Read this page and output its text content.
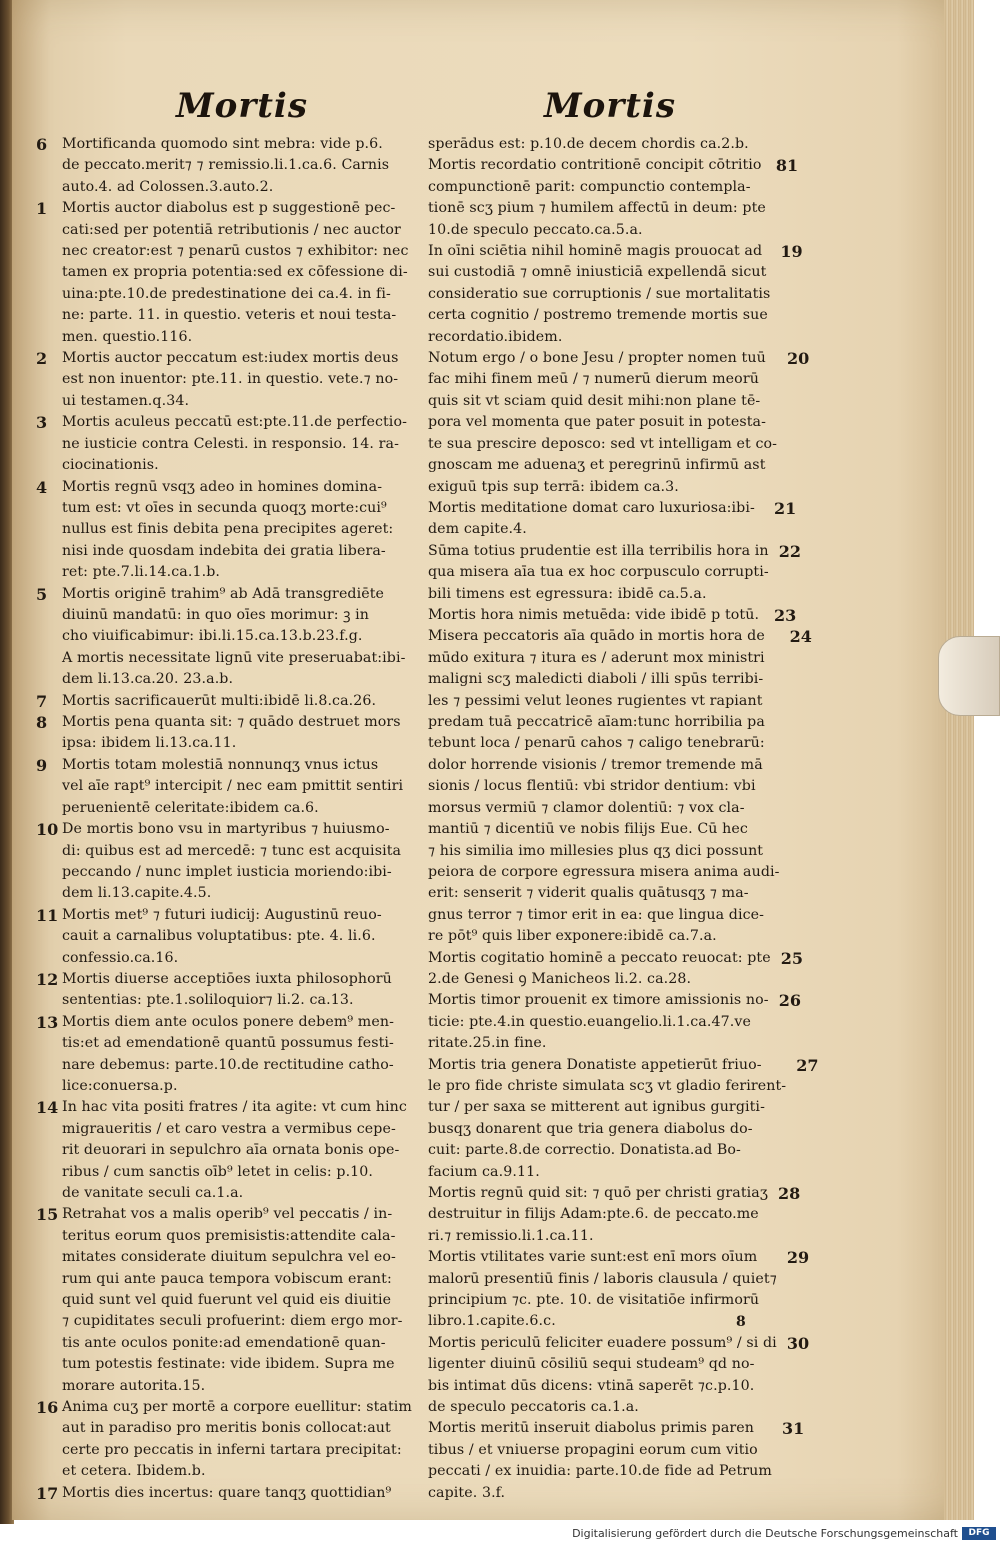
Mortis	Mortis
6	Mortificanda quomodo sint mebra: vide p.6.
de peccato.merit⁊ ⁊ remissio.li.1.ca.6. Carnis
auto.4. ad Colossen.3.auto.2.
1	Mortis auctor diabolus est p suggestionē pec-
cati:sed per potentiā retributionis / nec auctor
nec creator:est ⁊ penarū custos ⁊ exhibitor: nec
tamen ex propria potentia:sed ex cōfessione di-
uina:pte.10.de predestinatione dei ca.4. in fi-
ne: parte. 11. in questio. veteris et noui testa-
men. questio.116.
2	Mortis auctor peccatum est:iudex mortis deus
est non inuentor: pte.11. in questio. vete.⁊ no-
ui testamen.q.34.
3	Mortis aculeus peccatū est:pte.11.de perfectio-
ne iusticie contra Celesti. in responsio. 14. ra-
ciocinationis.
4	Mortis regnū vsqʒ adeo in homines domina-
tum est: vt oīes in secunda quoqʒ morte:cui⁹
nullus est finis debita pena precipites ageret:
nisi inde quosdam indebita dei gratia libera-
ret: pte.7.li.14.ca.1.b.
5	Mortis originē trahim⁹ ab Adā transgrediēte
diuinū mandatū: in quo oīes morimur: ꝫ in
cho viuificabimur: ibi.li.15.ca.13.b.23.f.g.
A mortis necessitate lignū vite preseruabat:ibi-
dem li.13.ca.20. 23.a.b.
7	Mortis sacrificauerūt multi:ibidē li.8.ca.26.
8	Mortis pena quanta sit: ⁊ quādo destruet mors
ipsa: ibidem li.13.ca.11.
9	Mortis totam molestiā nonnunqʒ vnus ictus
vel aīe rapt⁹ intercipit / nec eam pmittit sentiri
peruenientē celeritate:ibidem ca.6.
10 De mortis bono vsu in martyribus ⁊ huiusmo-
di: quibus est ad mercedē: ⁊ tunc est acquisita
peccando / nunc implet iusticia moriendo:ibi-
dem li.13.capite.4.5.
11 Mortis met⁹ ⁊ futuri iudicij: Augustinū reuo-
cauit a carnalibus voluptatibus: pte. 4. li.6.
confessio.ca.16.
12 Mortis diuerse acceptiōes iuxta philosophorū
sententias: pte.1.soliloquior⁊ li.2. ca.13.
13 Mortis diem ante oculos ponere debem⁹ men-
tis:et ad emendationē quantū possumus festi-
nare debemus: parte.10.de rectitudine catho-
lice:conuersa.p.
14 In hac vita positi fratres / ita agite: vt cum hinc
migraueritis / et caro vestra a vermibus cepe-
rit deuorari in sepulchro aīa ornata bonis ope-
ribus / cum sanctis oīb⁹ letet in celis: p.10.
de vanitate seculi ca.1.a.
15 Retrahat vos a malis operib⁹ vel peccatis / in-
teritus eorum quos premisistis:attendite cala-
mitates considerate diuitum sepulchra vel eo-
rum qui ante pauca tempora vobiscum erant:
quid sunt vel quid fuerunt vel quid eis diuitie
⁊ cupiditates seculi profuerint: diem ergo mor-
tis ante oculos ponite:ad emendationē quan-
tum potestis festinate: vide ibidem. Supra me
morare autorita.15.
16 Anima cuʒ per mortē a corpore euellitur: statim
aut in paradiso pro meritis bonis collocat:aut
certe pro peccatis in inferni tartara precipitat:
et cetera. Ibidem.b.
17 Mortis dies incertus: quare tanqʒ quottidian⁹
sperādus est: p.10.de decem chordis ca.2.b.
Mortis recordatio contritionē concipit cōtritio
compunctionē parit: compunctio contempla-
tionē scʒ pium ⁊ humilem affectū in deum: pte
10.de speculo peccato.ca.5.a.
81
In oīni sciētia nihil hominē magis prouocat ad
sui custodiā ⁊ omnē iniusticiā expellendā sicut
consideratio sue corruptionis / sue mortalitatis
certa cognitio / postremo tremende mortis sue
recordatio.ibidem.
19
Notum ergo / o bone Jesu / propter nomen tuū
fac mihi finem meū / ⁊ numerū dierum meorū
quis sit vt sciam quid desit mihi:non plane tē-
pora vel momenta que pater posuit in potesta-
te sua prescire deposco: sed vt intelligam et co-
gnoscam me aduenaʒ et peregrinū infirmū ast
exiguū tpis sup terrā: ibidem ca.3.
20
Mortis meditatione domat caro luxuriosa:ibi-
dem capite.4.
21
Sūma totius prudentie est illa terribilis hora in
qua misera aīa tua ex hoc corpusculo corrupti-
bili timens est egressura: ibidē ca.5.a.
22
Mortis hora nimis metuēda: vide ibidē p totū. 23
Misera peccatoris aīa quādo in mortis hora de
mūdo exitura ⁊ itura es / aderunt mox ministri
maligni scʒ maledicti diaboli / illi spūs terribi-
les ⁊ pessimi velut leones rugientes vt rapiant
predam tuā peccatricē aīam:tunc horribilia pa
tebunt loca / penarū cahos ⁊ caligo tenebrarū:
dolor horrende visionis / tremor tremende mā
sionis / locus flentiū: vbi stridor dentium: vbi
morsus vermiū ⁊ clamor dolentiū: ⁊ vox cla-
mantiū ⁊ dicentiū ve nobis filijs Eue. Cū hec
⁊ his similia imo millesies plus qʒ dici possunt
peiora de corpore egressura misera anima audi-
erit: senserit ⁊ viderit qualis quātusqʒ ⁊ ma-
gnus terror ⁊ timor erit in ea: que lingua dice-
re pōt⁹ quis liber exponere:ibidē ca.7.a.
24
Mortis cogitatio hominē a peccato reuocat: pte
2.de Genesi ꝯ Manicheos li.2. ca.28.
25
Mortis timor prouenit ex timore amissionis no-
ticie: pte.4.in questio.euangelio.li.1.ca.47.ve
ritate.25.in fine.
26
Mortis tria genera Donatiste appetierūt friuo-
le pro fide christe simulata scʒ vt gladio ferirent-
tur / per saxa se mitterent aut ignibus gurgiti-
busqʒ donarent que tria genera diabolus do-
cuit: parte.8.de correctio. Donatista.ad Bo-
facium ca.9.11.
27
Mortis regnū quid sit: ⁊ quō per christi gratiaʒ
destruitur in filijs Adam:pte.6. de peccato.me
ri.⁊ remissio.li.1.ca.11.
28
Mortis vtilitates varie sunt:est enī mors oīum
malorū presentiū finis / laboris clausula / quiet⁊
principium ⁊c. pte. 10. de visitatiōe infirmorū
libro.1.capite.6.c.
29
Mortis periculū feliciter euadere possum⁹ / si di
ligenter diuinū cōsiliū sequi studeam⁹ qd no-
bis intimat dūs dicens: vtinā saperēt ⁊c.p.10.
de speculo peccatoris ca.1.a.
30
Mortis meritū inseruit diabolus primis paren
tibus / et vniuerse propagini eorum cum vitio
peccati / ex inuidia: parte.10.de fide ad Petrum
capite. 3.f.
31
8
Digitalisierung gefördert durch die Deutsche Forschungsgemeinschaft	DFG
